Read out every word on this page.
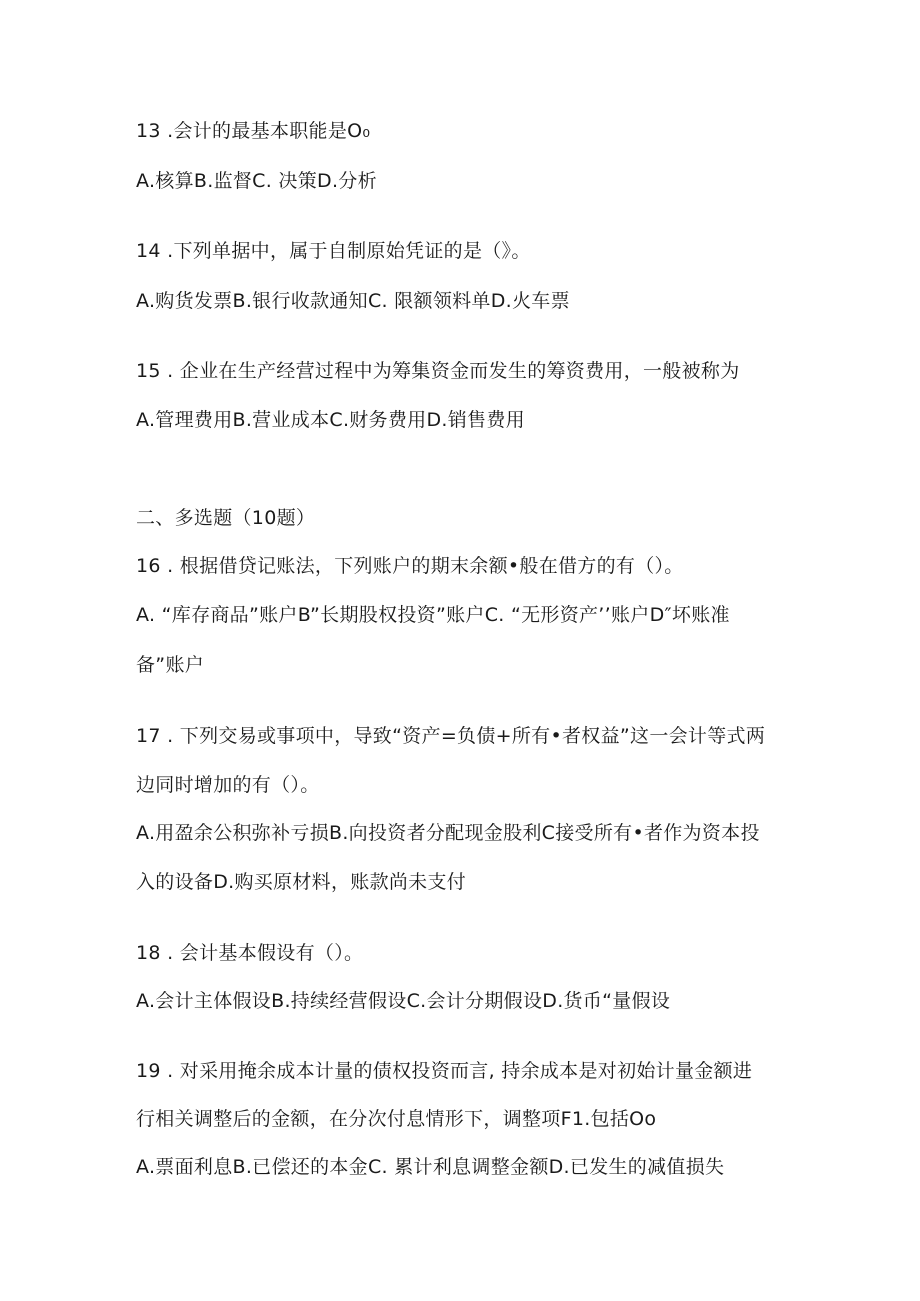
13 .会计的最基本职能是O₀
A.核算B.监督C. 决策D.分析
14 .下列单据中，属于自制原始凭证的是（》。
A.购货发票B.银行收款通知C. 限额领料单D.火车票
15 . 企业在生产经营过程中为筹集资金而发生的筹资费用，一般被称为
A.管理费用B.营业成本C.财务费用D.销售费用
二、多选题（10题）
16 . 根据借贷记账法，下列账户的期末余额•般在借方的有（）。
A. “库存商品”账户B”长期股权投资”账户C. “无形资产’’账户D″坏账准
备”账户
17 . 下列交易或事项中，导致“资产=负债+所有•者权益”这一会计等式两
边同时增加的有（）。
A.用盈余公积弥补亏损B.向投资者分配现金股利C接受所有•者作为资本投
入的设备D.购买原材料，账款尚未支付
18 . 会计基本假设有（）。
A.会计主体假设B.持续经营假设C.会计分期假设D.货币“量假设
19 . 对采用掩余成本计量的债权投资而言, 持余成本是对初始计量金额进
行相关调整后的金额，在分次付息情形下，调整项F1.包括Oo
A.票面利息B.已偿还的本金C. 累计利息调整金额D.已发生的减值损失
